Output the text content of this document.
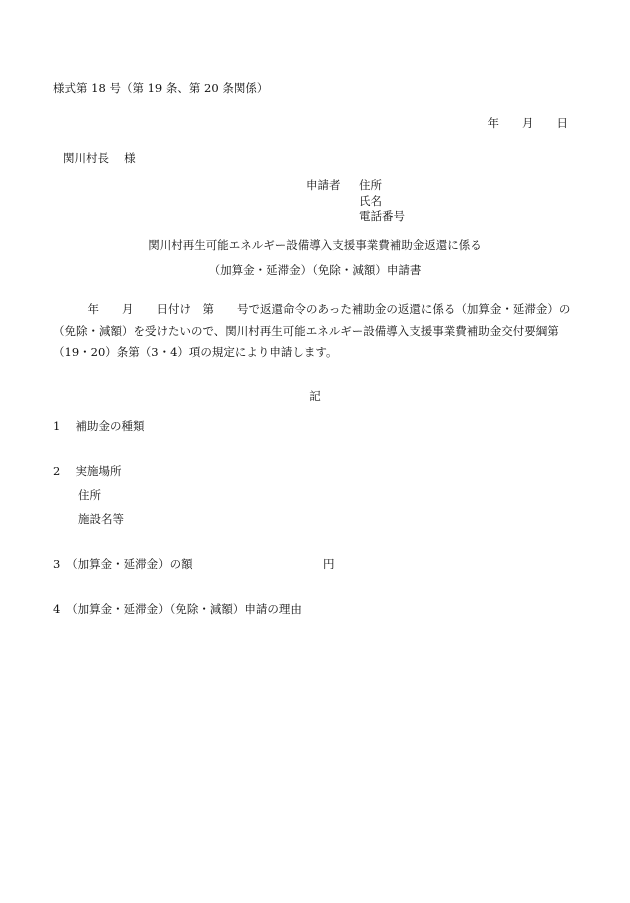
様式第 18 号（第 19 条、第 20 条関係）
年　　月　　日
関川村長　 様
申請者 住所
氏名
電話番号
関川村再生可能エネルギー設備導入支援事業費補助金返還に係る
（加算金・延滞金）（免除・減額）申請書
　　　年　　月　　日付け　第　　号で返還命令のあった補助金の返還に係る（加算金・延滞金）の（免除・減額）を受けたいので、関川村再生可能エネルギー設備導入支援事業費補助金交付要綱第（19・20）条第（3・4）項の規定により申請します。
記
1　 補助金の種類
2　 実施場所
住所
施設名等
3　（加算金・延滞金）の額	円
4　（加算金・延滞金）（免除・減額）申請の理由
